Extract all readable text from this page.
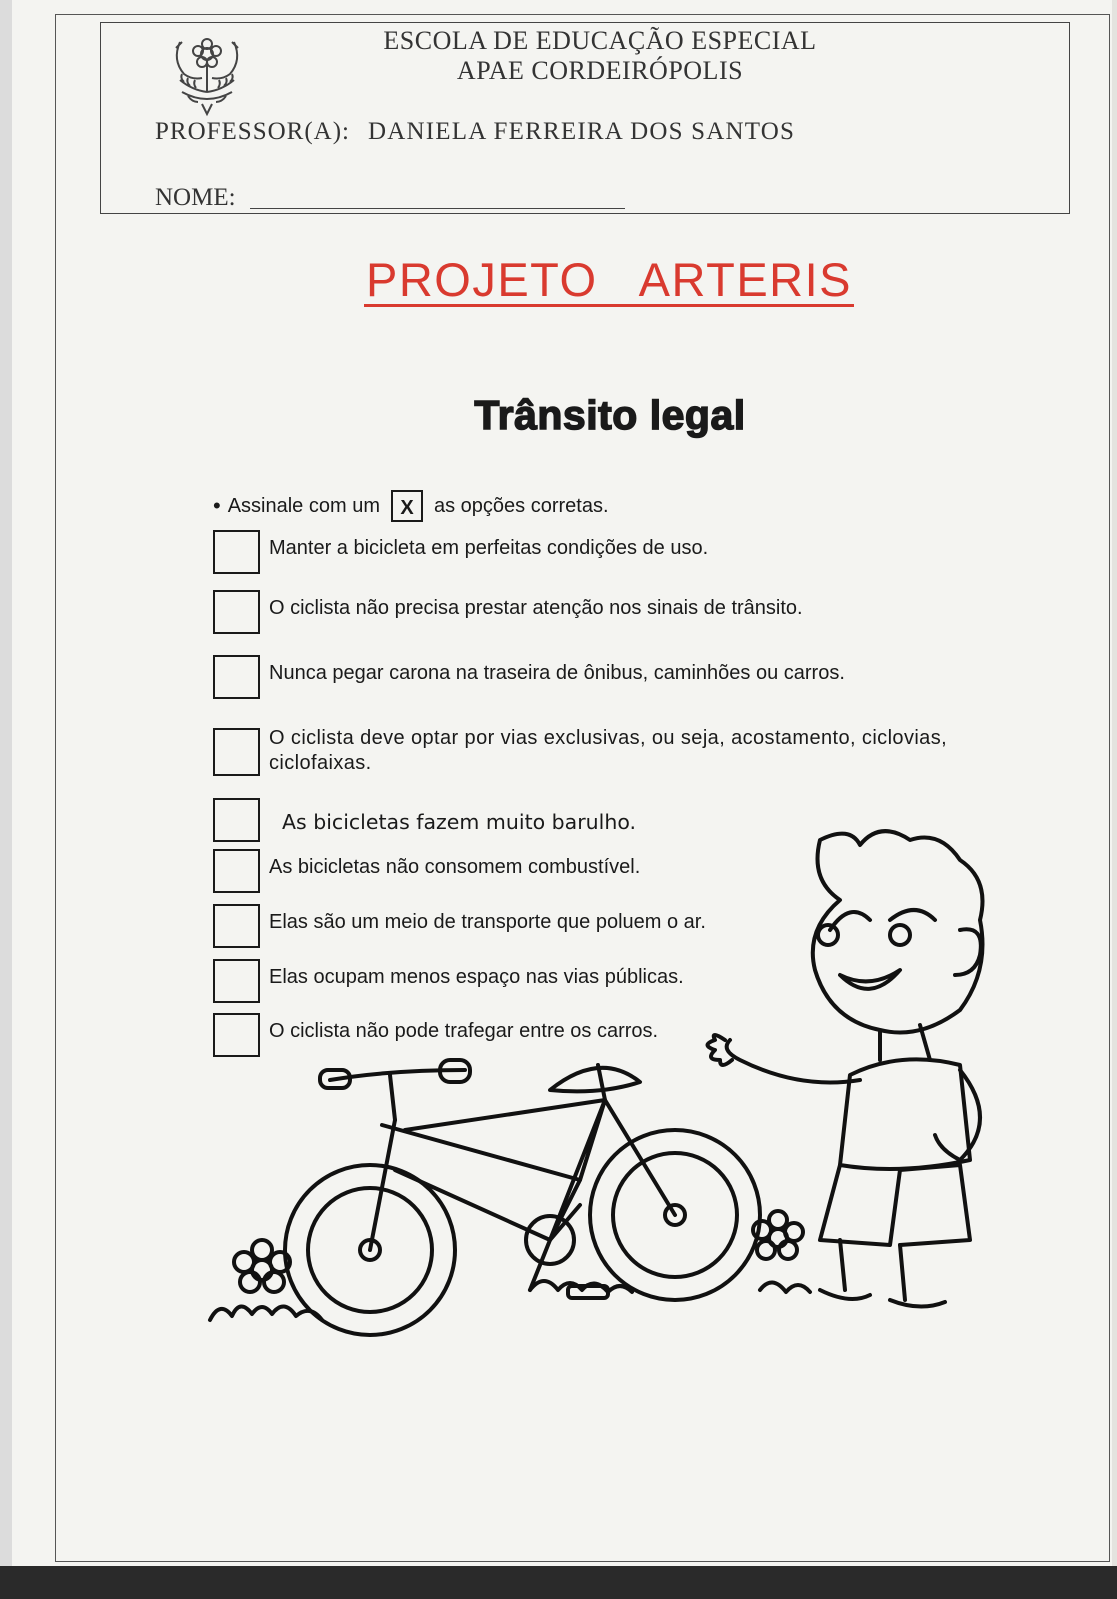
ESCOLA DE EDUCAÇÃO ESPECIAL
APAE CORDEIRÓPOLIS
PROFESSOR(A): DANIELA FERREIRA DOS SANTOS
NOME:
PROJETO   ARTERIS
Trânsito legal
• Assinale com um	X	as opções corretas.
Manter a bicicleta em perfeitas condições de uso.
O ciclista não precisa prestar atenção nos sinais de trânsito.
Nunca pegar carona na traseira de ônibus, caminhões ou carros.
O ciclista deve optar por vias exclusivas, ou seja, acostamento, ciclovias, ciclofaixas.
As bicicletas fazem muito barulho.
As bicicletas não consomem combustível.
Elas são um meio de transporte que poluem o ar.
Elas ocupam menos espaço nas vias públicas.
O ciclista não pode trafegar entre os carros.
